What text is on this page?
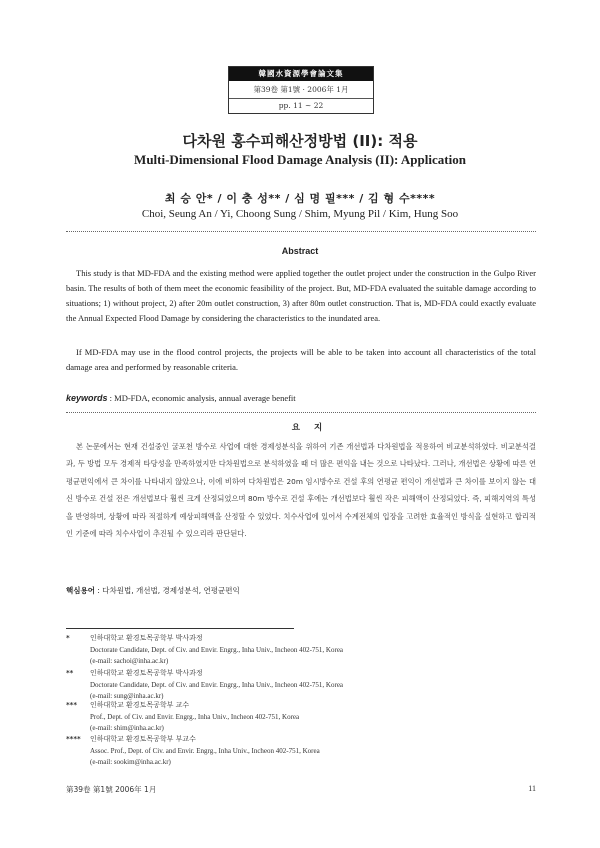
韓國水資源學會論文集
第39卷 第1號 · 2006年 1月
pp. 11 ~ 22
다차원 홍수피해산정방법 (II): 적용
Multi-Dimensional Flood Damage Analysis (II): Application
최 승 안* / 이 충 성** / 심 명 필*** / 김 형 수****
Choi, Seung An / Yi, Choong Sung / Shim, Myung Pil / Kim, Hung Soo
Abstract
This study is that MD-FDA and the existing method were applied together the outlet project under the construction in the Gulpo River basin. The results of both of them meet the economic feasibility of the project. But, MD-FDA evaluated the suitable damage according to situations; 1) without project, 2) after 20m outlet construction, 3) after 80m outlet construction. That is, MD-FDA could exactly evaluate the Annual Expected Flood Damage by considering the characteristics to the inundated area.
If MD-FDA may use in the flood control projects, the projects will be able to be taken into account all characteristics of the total damage area and performed by reasonable criteria.
keywords : MD-FDA, economic analysis, annual average benefit
요지
본 논문에서는 현재 건설중인 굴포천 방수로 사업에 대한 경제성분석을 위하여 기존 개선법과 다차원법을 적용하여 비교분석하였다. 비교분석결과, 두 방법 모두 경제적 타당성을 만족하였지만 다차원법으로 분석하였을 때 더 많은 편익을 내는 것으로 나타났다. 그러나, 개선법은 상황에 따른 연평균편익에서 큰 차이를 나타내지 않았으나, 이에 비하여 다차원법은 20m 임시방수로 건설 후의 연평균 편익이 개선법과 큰 차이를 보이지 않는 대신 방수로 건설 전은 개선법보다 훨씬 크게 산정되었으며 80m 방수로 건설 후에는 개선법보다 훨씬 작은 피해액이 산정되었다. 즉, 피해지역의 특성을 반영하며, 상황에 따라 적절하게 예상피해액을 산정할 수 있었다. 치수사업에 있어서 수계전체의 입장을 고려한 효율적인 방식을 실현하고 합리적인 기준에 따라 치수사업이 추진될 수 있으리라 판단된다.
핵심용어 : 다차원법, 개선법, 경제성분석, 연평균편익
*	인하대학교 환경토목공학부 박사과정
Doctorate Candidate, Dept. of Civ. and Envir. Engrg., Inha Univ., Incheon 402-751, Korea
(e-mail: sachoi@inha.ac.kr)
** 인하대학교 환경토목공학부 박사과정
Doctorate Candidate, Dept. of Civ. and Envir. Engrg., Inha Univ., Incheon 402-751, Korea
(e-mail: sung@inha.ac.kr)
*** 인하대학교 환경토목공학부 교수
Prof., Dept. of Civ. and Envir. Engrg., Inha Univ., Incheon 402-751, Korea
(e-mail: shim@inha.ac.kr)
**** 인하대학교 환경토목공학부 부교수
Assoc. Prof., Dept. of Civ. and Envir. Engrg., Inha Univ., Incheon 402-751, Korea
(e-mail: sookim@inha.ac.kr)
第39卷 第1號 2006年 1月	11
